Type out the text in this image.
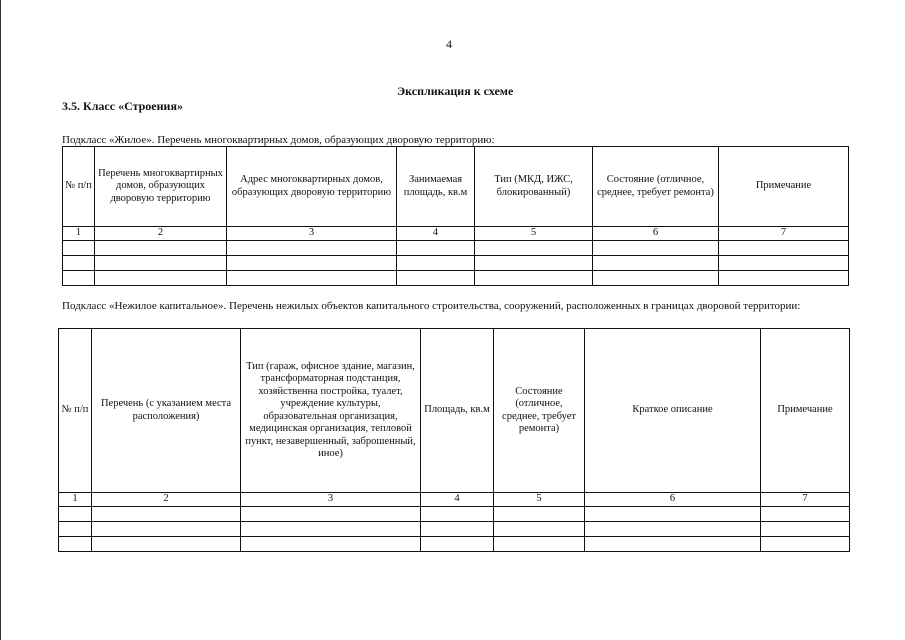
4
Экспликация к схеме
3.5. Класс «Строения»
Подкласс «Жилое». Перечень многоквартирных домов, образующих дворовую территорию:
№ п/п	Перечень многоквартирных домов, образующих дворовую территорию	Адрес многоквартирных домов, образующих дворовую территорию	Занимаемая площадь, кв.м	Тип (МКД, ИЖС, блокированный)	Состояние (отличное, среднее, требует ремонта)	Примечание
1	2	3	4	5	6	7

Подкласс «Нежилое капитальное». Перечень нежилых объектов капитального строительства, сооружений, расположенных в границах дворовой территории:
№ п/п	Перечень (с указанием места расположения)	Тип (гараж, офисное здание, магазин, трансформаторная подстанция, хозяйственна постройка, туалет, учреждение культуры, образовательная организация, медицинская организация, тепловой пункт, незавершенный, заброшенный, иное)	Площадь, кв.м	Состояние (отличное, среднее, требует ремонта)	Краткое описание	Примечание
1	2	3	4	5	6	7
